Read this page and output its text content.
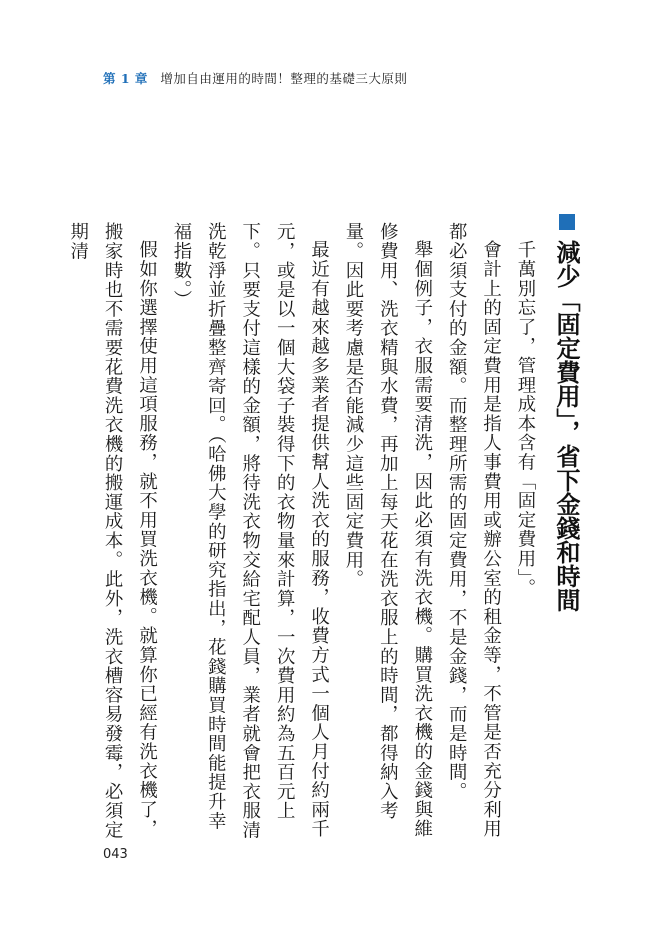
第 1 章 增加自由運用的時間！整理的基礎三大原則
減少「固定費用」，省下金錢和時間

千萬別忘了，管理成本含有「固定費用」。

會計上的固定費用是指人事費用或辦公室的租金等，不管是否充分利用都必須支付的金額。而整理所需的固定費用，不是金錢，而是時間。

舉個例子，衣服需要清洗，因此必須有洗衣機。購買洗衣機的金錢與維修費用、洗衣精與水費，再加上每天花在洗衣服上的時間，都得納入考量。因此要考慮是否能減少這些固定費用。

最近有越來越多業者提供幫人洗衣的服務，收費方式一個人月付約兩千元，或是以一個大袋子裝得下的衣物量來計算，一次費用約為五百元上下。只要支付這樣的金額，將待洗衣物交給宅配人員，業者就會把衣服清洗乾淨並折疊整齊寄回。（哈佛大學的研究指出，花錢購買時間能提升幸福指數。）

假如你選擇使用這項服務，就不用買洗衣機。就算你已經有洗衣機了，搬家時也不需要花費洗衣機的搬運成本。此外，洗衣槽容易發霉，必須定期清

043
